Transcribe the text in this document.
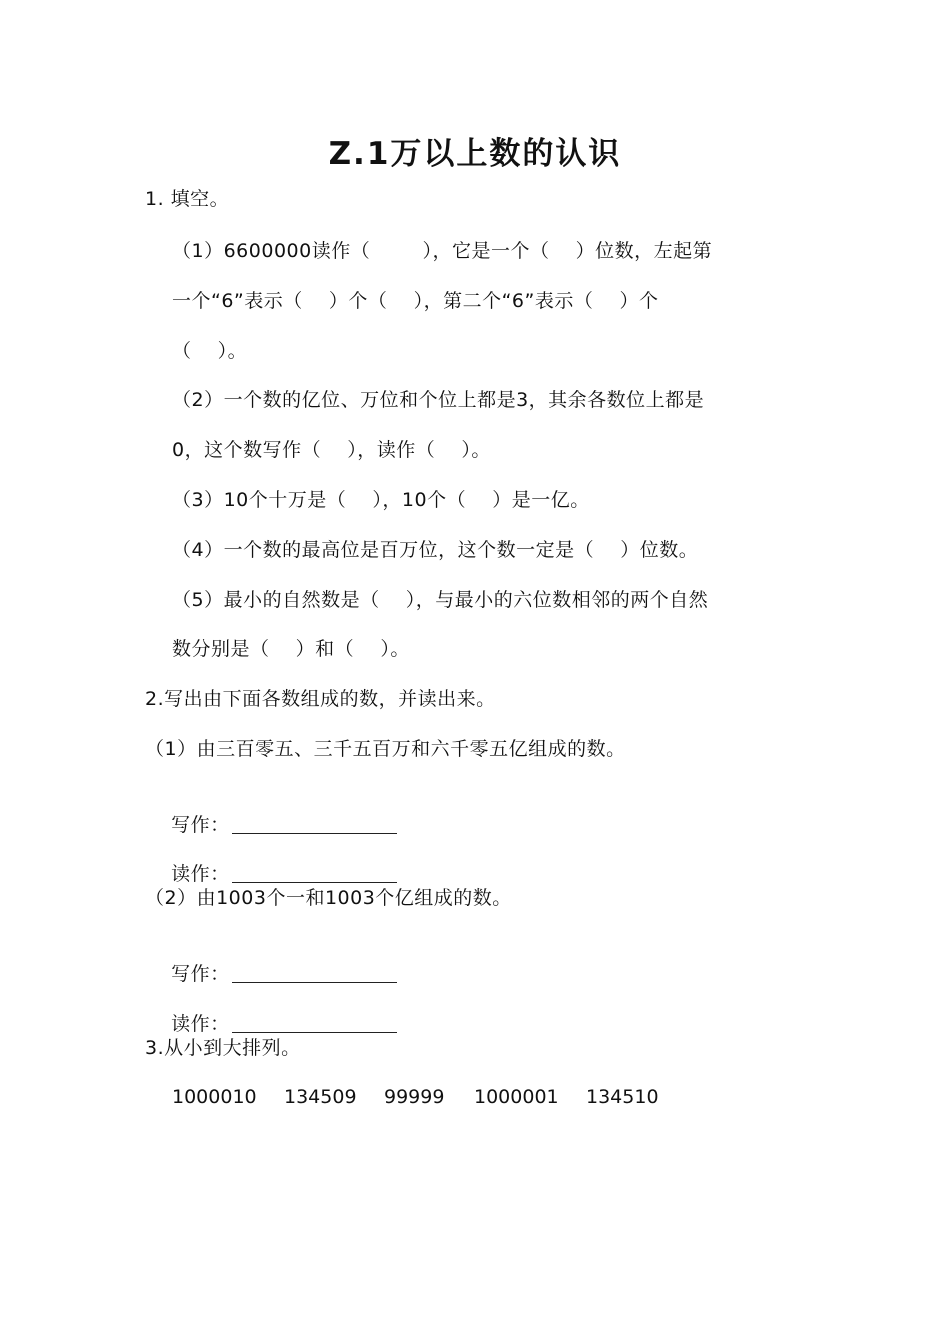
Z.1万以上数的认识
1. 填空。
（1）6600000读作（        ），它是一个（    ）位数，左起第
一个“6”表示（    ）个（    ），第二个“6”表示（    ）个
（    ）。
（2）一个数的亿位、万位和个位上都是3，其余各数位上都是
0，这个数写作（    ），读作（    ）。
（3）10个十万是（    ），10个（    ）是一亿。
（4）一个数的最高位是百万位，这个数一定是（    ）位数。
（5）最小的自然数是（    ），与最小的六位数相邻的两个自然
数分别是（    ）和（    ）。
2.写出由下面各数组成的数，并读出来。
（1）由三百零五、三千五百万和六千零五亿组成的数。

写作：

读作：

（2）由1003个一和1003个亿组成的数。

写作：

读作：

3.从小到大排列。
1000010 134509 99999 1000001 134510
